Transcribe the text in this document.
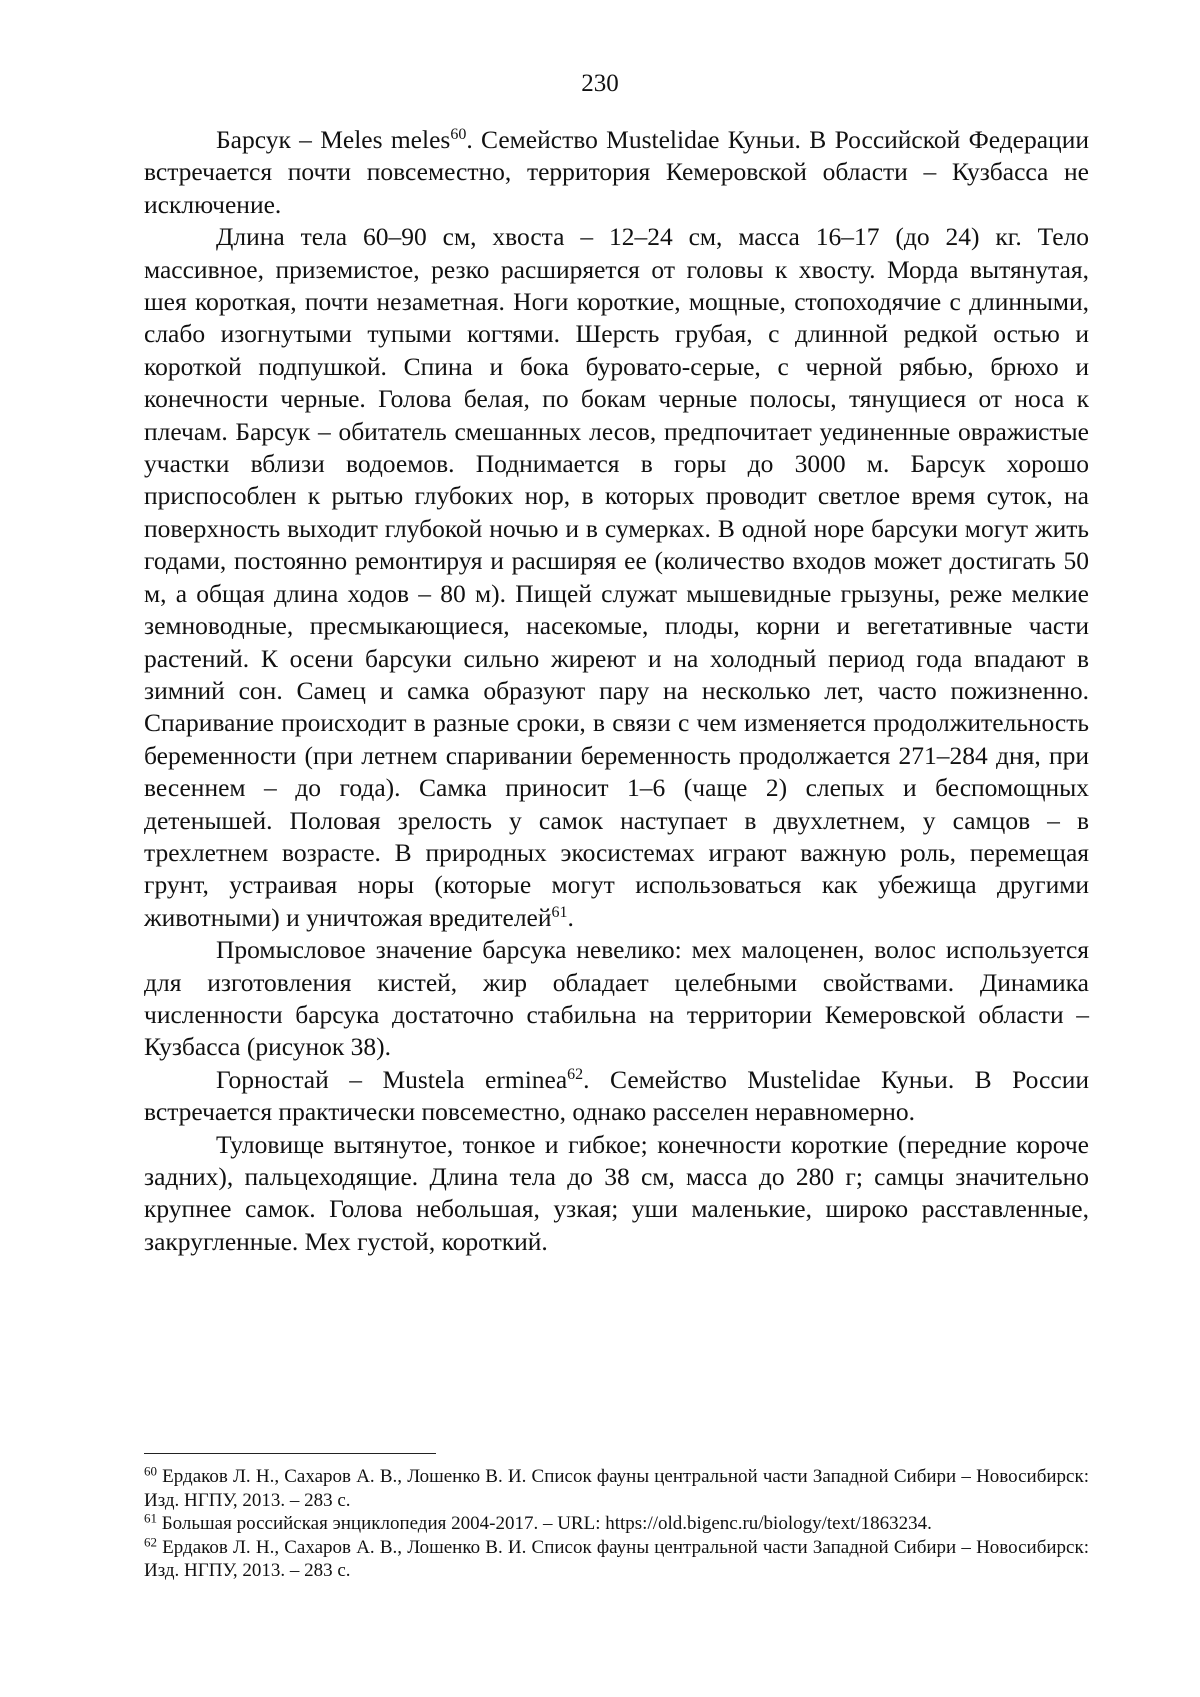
230

Барсук – Meles meles$^{60}$. Семейство Mustelidae Куньи. В Российской Федерации встречается почти повсеместно, территория Кемеровской области – Кузбасса не исключение.

Длина тела 60–90 см, хвоста – 12–24 см, масса 16–17 (до 24) кг. Тело массивное, приземистое, резко расширяется от головы к хвосту. Морда вытянутая, шея короткая, почти незаметная. Ноги короткие, мощные, стопоходячие с длинными, слабо изогнутыми тупыми когтями. Шерсть грубая, с длинной редкой остью и короткой подпушкой. Спина и бока буровато-серые, с черной рябью, брюхо и конечности черные. Голова белая, по бокам черные полосы, тянущиеся от носа к плечам. Барсук – обитатель смешанных лесов, предпочитает уединенные овражистые участки вблизи водоемов. Поднимается в горы до 3000 м. Барсук хорошо приспособлен к рытью глубоких нор, в которых проводит светлое время суток, на поверхность выходит глубокой ночью и в сумерках. В одной норе барсуки могут жить годами, постоянно ремонтируя и расширяя ее (количество входов может достигать 50 м, а общая длина ходов – 80 м). Пищей служат мышевидные грызуны, реже мелкие земноводные, пресмыкающиеся, насекомые, плоды, корни и вегетативные части растений. К осени барсуки сильно жиреют и на холодный период года впадают в зимний сон. Самец и самка образуют пару на несколько лет, часто пожизненно. Спаривание происходит в разные сроки, в связи с чем изменяется продолжительность беременности (при летнем спаривании беременность продолжается 271–284 дня, при весеннем – до года). Самка приносит 1–6 (чаще 2) слепых и беспомощных детенышей. Половая зрелость у самок наступает в двухлетнем, у самцов – в трехлетнем возрасте. В природных экосистемах играют важную роль, перемещая грунт, устраивая норы (которые могут использоваться как убежища другими животными) и уничтожая вредителей$^{61}$.

Промысловое значение барсука невелико: мех малоценен, волос используется для изготовления кистей, жир обладает целебными свойствами. Динамика численности барсука достаточно стабильна на территории Кемеровской области – Кузбасса (рисунок 38).

Горностай – Mustela erminea$^{62}$. Семейство Mustelidae Куньи. В России встречается практически повсеместно, однако расселен неравномерно.

Туловище вытянутое, тонкое и гибкое; конечности короткие (передние короче задних), пальцеходящие. Длина тела до 38 см, масса до 280 г; самцы значительно крупнее самок. Голова небольшая, узкая; уши маленькие, широко расставленные, закругленные. Мех густой, короткий.

$^{60}$ Ердаков Л. Н., Сахаров А. В., Лошенко В. И. Список фауны центральной части Западной Сибири – Новосибирск: Изд. НГПУ, 2013. – 283 с.

$^{61}$ Большая российская энциклопедия 2004-2017. – URL: https://old.bigenc.ru/biology/text/1863234.

$^{62}$ Ердаков Л. Н., Сахаров А. В., Лошенко В. И. Список фауны центральной части Западной Сибири – Новосибирск: Изд. НГПУ, 2013. – 283 с.
